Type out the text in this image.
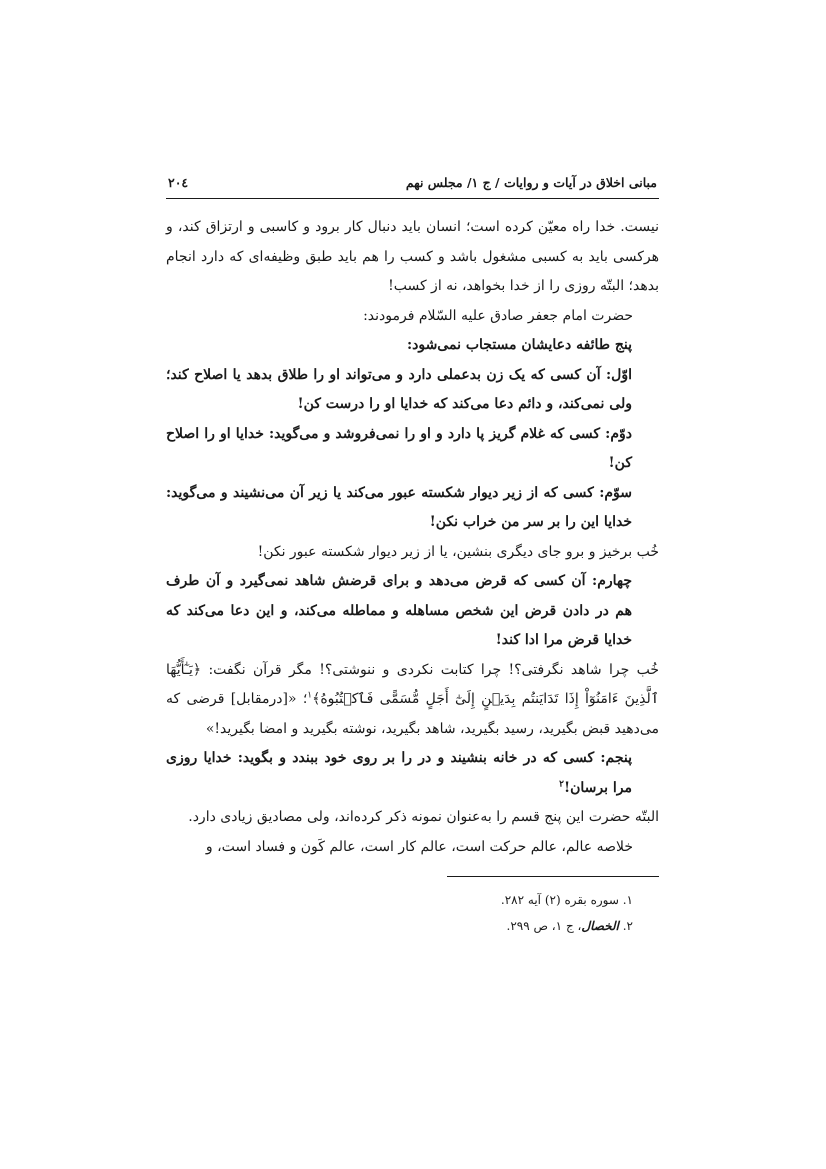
مبانی اخلاق در آیات و روایات / ج ۱/ مجلس نهم
۲۰٤

نیست. خدا راه معیّن کرده است؛ انسان باید دنبال کار برود و کاسبی و ارتزاق کند، و هرکسی باید به کسبی مشغول باشد و کسب را هم باید طبق وظیفه‌ای که دارد انجام بدهد؛ البتّه روزی را از خدا بخواهد، نه از کسب!

حضرت امام جعفر صادق علیه السّلام فرمودند:

پنج طائفه دعایشان مستجاب نمی‌شود:

اوّل: آن کسی که یک زن بدعملی دارد و می‌تواند او را طلاق بدهد یا اصلاح کند؛ ولی نمی‌کند، و دائم دعا می‌کند که خدایا او را درست کن!

دوّم: کسی که غلام گریز پا دارد و او را نمی‌فروشد و می‌گوید: خدایا او را اصلاح کن!

سوّم: کسی که از زیر دیوار شکسته عبور می‌کند یا زیر آن می‌نشیند و می‌گوید: خدایا این را بر سر من خراب نکن!

خُب برخیز و برو جای دیگری بنشین، یا از زیر دیوار شکسته عبور نکن!

چهارم: آن کسی که قرض می‌دهد و برای قرضش شاهد نمی‌گیرد و آن طرف هم در دادن قرض این شخص مساهله و مماطله می‌کند، و این دعا می‌کند که خدایا قرض مرا ادا کند!

خُب چرا شاهد نگرفتی؟! چرا کتابت نکردی و ننوشتی؟! مگر قرآن نگفت: ﴿یَـٰٓأَیُّهَا ٱلَّذِینَ ءَامَنُوٓاْ إِذَا تَدَایَنتُم بِدَیۡنٍ إِلَىٰٓ أَجَلٍ مُّسَمًّى فَٱكۡتُبُوهُ﴾$^۱$؛ «[درمقابل] قرضی که می‌دهید قبض بگیرید، رسید بگیرید، شاهد بگیرید، نوشته بگیرید و امضا بگیرید!»

پنجم: کسی که در خانه بنشیند و در را بر روی خود ببندد و بگوید: خدایا روزی مرا برسان!$^۲$

البتّه حضرت این پنج قسم را به‌عنوان نمونه ذکر کرده‌اند، ولی مصادیق زیادی دارد.

خلاصه عالم، عالم حرکت است، عالم کار است، عالم کَون و فساد است، و

۱. سوره بقره (۲) آیه ۲۸۲.
۲. الخصال، ج ۱، ص ۲۹۹.
